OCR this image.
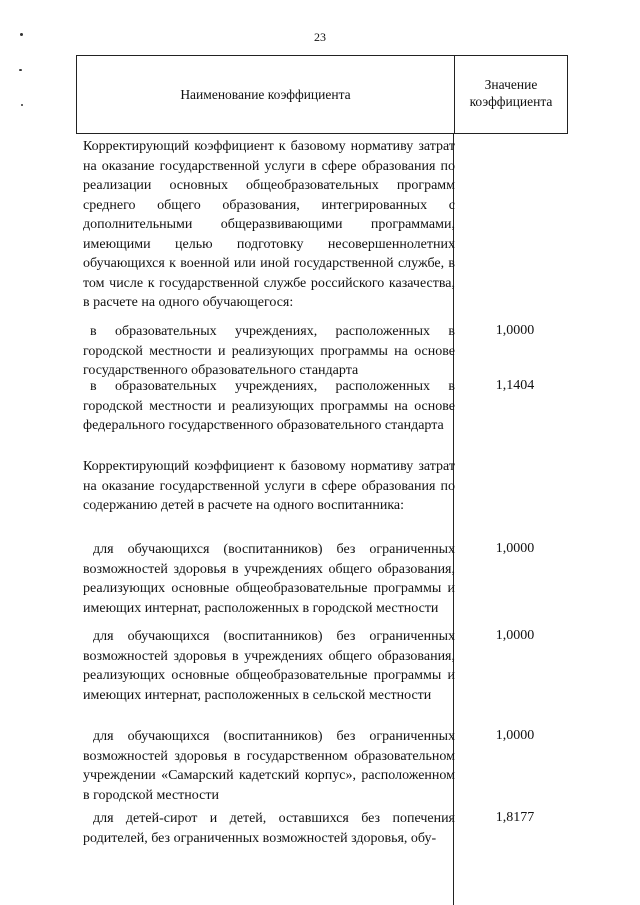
23
Наименование коэффициента
Значение коэффициента

Корректирующий коэффициент к базовому нормативу затрат на оказание государственной услуги в сфере образования по реализации основных общеобразовательных программ среднего общего образования, интегрированных с дополнительными общеразвивающими программами, имеющими целью подготовку несовершеннолетних обучающихся к военной или иной государственной службе, в том числе к государственной службе российского казачества, в расчете на одного обучающегося:

в образовательных учреждениях, расположенных в городской местности и реализующих программы на основе государственного образовательного стандарта

1,0000

в образовательных учреждениях, расположенных в городской местности и реализующих программы на основе федерального государственного образовательного стандарта

1,1404

Корректирующий коэффициент к базовому нормативу затрат на оказание государственной услуги в сфере образования по содержанию детей в расчете на одного воспитанника:

для обучающихся (воспитанников) без ограниченных возможностей здоровья в учреждениях общего образования, реализующих основные общеобразовательные программы и имеющих интернат, расположенных в городской местности

1,0000

для обучающихся (воспитанников) без ограниченных возможностей здоровья в учреждениях общего образования, реализующих основные общеобразовательные программы и имеющих интернат, расположенных в сельской местности

1,0000

для обучающихся (воспитанников) без ограниченных возможностей здоровья в государственном образовательном учреждении «Самарский кадетский корпус», расположенном в городской местности

1,0000

для детей-сирот и детей, оставшихся без попечения родителей, без ограниченных возможностей здоровья, обу-

1,8177
